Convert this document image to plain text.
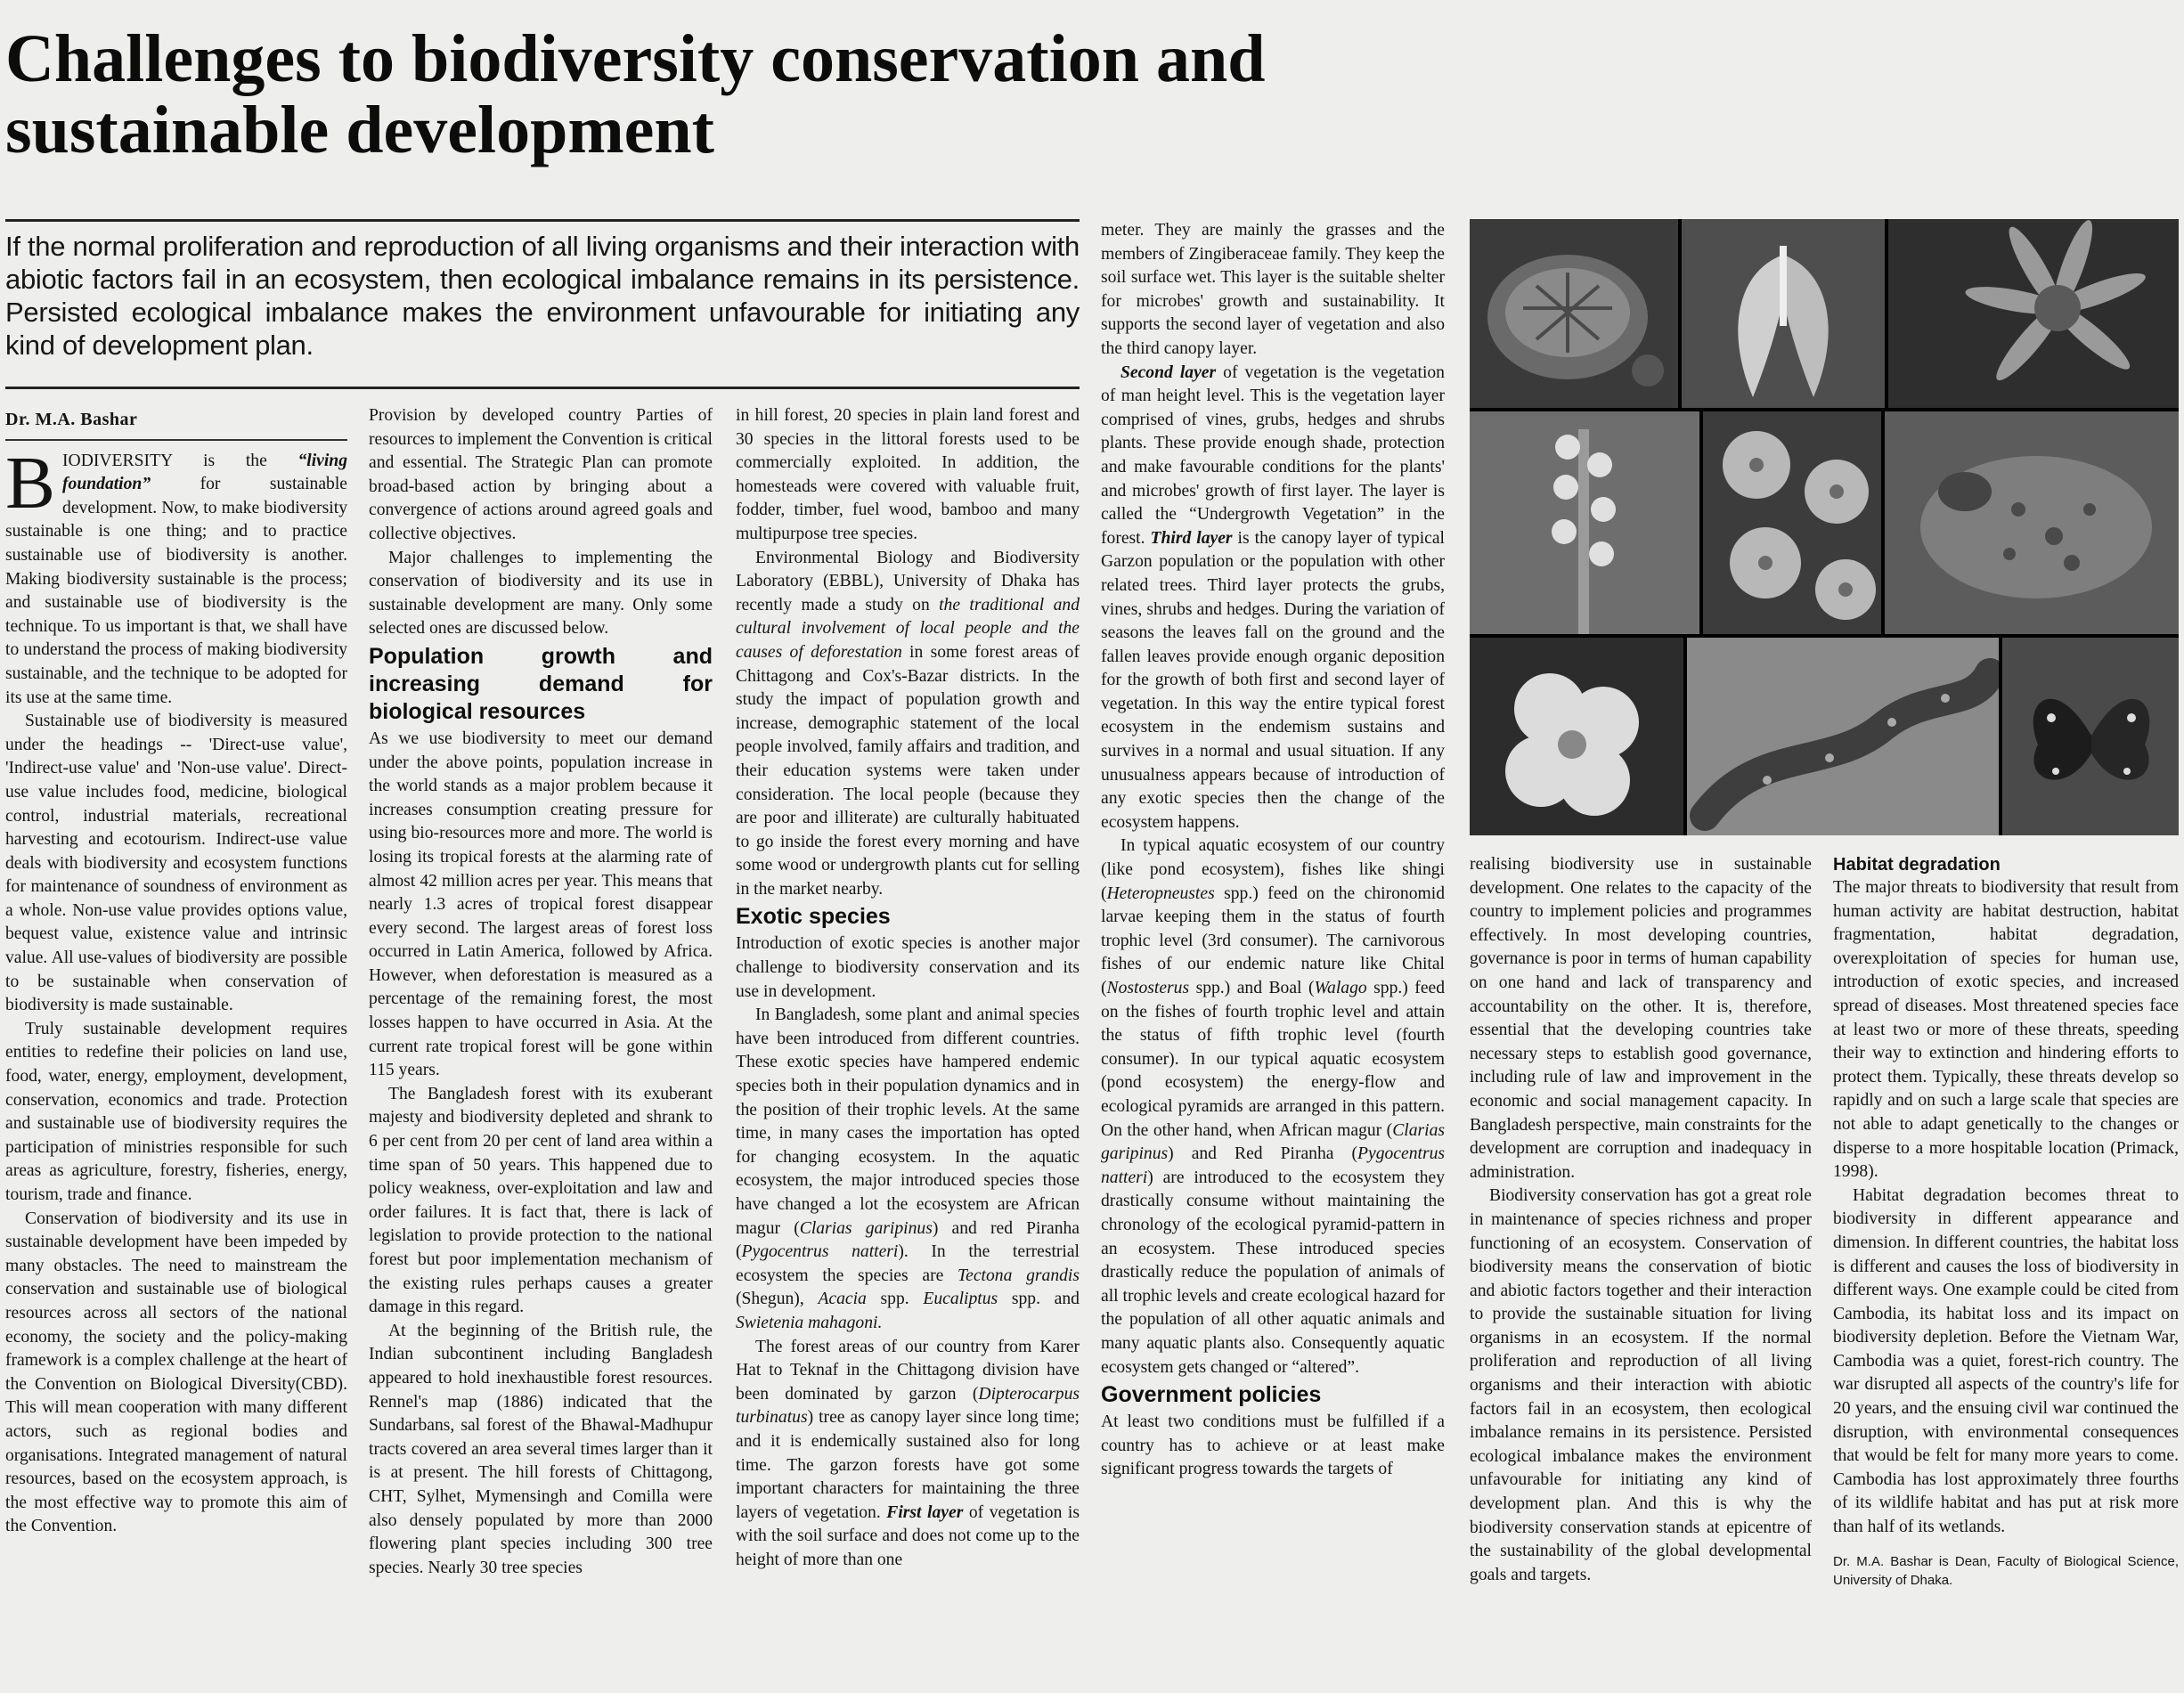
Challenges to biodiversity conservation and sustainable development

If the normal proliferation and reproduction of all living organisms and their interaction with abiotic factors fail in an ecosystem, then ecological imbalance remains in its persistence. Persisted ecological imbalance makes the environment unfavourable for initiating any kind of development plan.

Dr. M.A. Bashar

BIODIVERSITY is the “living foundation” for sustainable development. Now, to make biodiversity sustainable is one thing; and to practice sustainable use of biodiversity is another. Making biodiversity sustainable is the process; and sustainable use of biodiversity is the technique. To us important is that, we shall have to understand the process of making biodiversity sustainable, and the technique to be adopted for its use at the same time.

Sustainable use of biodiversity is measured under the headings -- 'Direct-use value', 'Indirect-use value' and 'Non-use value'. Direct-use value includes food, medicine, biological control, industrial materials, recreational harvesting and ecotourism. Indirect-use value deals with biodiversity and ecosystem functions for maintenance of soundness of environment as a whole. Non-use value provides options value, bequest value, existence value and intrinsic value. All use-values of biodiversity are possible to be sustainable when conservation of biodiversity is made sustainable.

Truly sustainable development requires entities to redefine their policies on land use, food, water, energy, employment, development, conservation, economics and trade. Protection and sustainable use of biodiversity requires the participation of ministries responsible for such areas as agriculture, forestry, fisheries, energy, tourism, trade and finance.

Conservation of biodiversity and its use in sustainable development have been impeded by many obstacles. The need to mainstream the conservation and sustainable use of biological resources across all sectors of the national economy, the society and the policy-making framework is a complex challenge at the heart of the Convention on Biological Diversity(CBD). This will mean cooperation with many different actors, such as regional bodies and organisations. Integrated management of natural resources, based on the ecosystem approach, is the most effective way to promote this aim of the Convention.

Provision by developed country Parties of resources to implement the Convention is critical and essential. The Strategic Plan can promote broad-based action by bringing about a convergence of actions around agreed goals and collective objectives.

Major challenges to implementing the conservation of biodiversity and its use in sustainable development are many. Only some selected ones are discussed below.

Population growth and increasing demand for biological resources

As we use biodiversity to meet our demand under the above points, population increase in the world stands as a major problem because it increases consumption creating pressure for using bio-resources more and more. The world is losing its tropical forests at the alarming rate of almost 42 million acres per year. This means that nearly 1.3 acres of tropical forest disappear every second. The largest areas of forest loss occurred in Latin America, followed by Africa. However, when deforestation is measured as a percentage of the remaining forest, the most losses happen to have occurred in Asia. At the current rate tropical forest will be gone within 115 years.

The Bangladesh forest with its exuberant majesty and biodiversity depleted and shrank to 6 per cent from 20 per cent of land area within a time span of 50 years. This happened due to policy weakness, over-exploitation and law and order failures. It is fact that, there is lack of legislation to provide protection to the national forest but poor implementation mechanism of the existing rules perhaps causes a greater damage in this regard.

At the beginning of the British rule, the Indian subcontinent including Bangladesh appeared to hold inexhaustible forest resources. Rennel's map (1886) indicated that the Sundarbans, sal forest of the Bhawal-Madhupur tracts covered an area several times larger than it is at present. The hill forests of Chittagong, CHT, Sylhet, Mymensingh and Comilla were also densely populated by more than 2000 flowering plant species including 300 tree species. Nearly 30 tree species

in hill forest, 20 species in plain land forest and 30 species in the littoral forests used to be commercially exploited. In addition, the homesteads were covered with valuable fruit, fodder, timber, fuel wood, bamboo and many multipurpose tree species.

Environmental Biology and Biodiversity Laboratory (EBBL), University of Dhaka has recently made a study on the traditional and cultural involvement of local people and the causes of deforestation in some forest areas of Chittagong and Cox's-Bazar districts. In the study the impact of population growth and increase, demographic statement of the local people involved, family affairs and tradition, and their education systems were taken under consideration. The local people (because they are poor and illiterate) are culturally habituated to go inside the forest every morning and have some wood or undergrowth plants cut for selling in the market nearby.

Exotic species

Introduction of exotic species is another major challenge to biodiversity conservation and its use in development.

In Bangladesh, some plant and animal species have been introduced from different countries. These exotic species have hampered endemic species both in their population dynamics and in the position of their trophic levels. At the same time, in many cases the importation has opted for changing ecosystem. In the aquatic ecosystem, the major introduced species those have changed a lot the ecosystem are African magur (Clarias garipinus) and red Piranha (Pygocentrus natteri). In the terrestrial ecosystem the species are Tectona grandis (Shegun), Acacia spp. Eucaliptus spp. and Swietenia mahagoni.

The forest areas of our country from Karer Hat to Teknaf in the Chittagong division have been dominated by garzon (Dipterocarpus turbinatus) tree as canopy layer since long time; and it is endemically sustained also for long time. The garzon forests have got some important characters for maintaining the three layers of vegetation. First layer of vegetation is with the soil surface and does not come up to the height of more than one

meter. They are mainly the grasses and the members of Zingiberaceae family. They keep the soil surface wet. This layer is the suitable shelter for microbes' growth and sustainability. It supports the second layer of vegetation and also the third canopy layer.

Second layer of vegetation is the vegetation of man height level. This is the vegetation layer comprised of vines, grubs, hedges and shrubs plants. These provide enough shade, protection and make favourable conditions for the plants' and microbes' growth of first layer. The layer is called the “Undergrowth Vegetation” in the forest. Third layer is the canopy layer of typical Garzon population or the population with other related trees. Third layer protects the grubs, vines, shrubs and hedges. During the variation of seasons the leaves fall on the ground and the fallen leaves provide enough organic deposition for the growth of both first and second layer of vegetation. In this way the entire typical forest ecosystem in the endemism sustains and survives in a normal and usual situation. If any unusualness appears because of introduction of any exotic species then the change of the ecosystem happens.

In typical aquatic ecosystem of our country (like pond ecosystem), fishes like shingi (Heteropneustes spp.) feed on the chironomid larvae keeping them in the status of fourth trophic level (3rd consumer). The carnivorous fishes of our endemic nature like Chital (Nostosterus spp.) and Boal (Walago spp.) feed on the fishes of fourth trophic level and attain the status of fifth trophic level (fourth consumer). In our typical aquatic ecosystem (pond ecosystem) the energy-flow and ecological pyramids are arranged in this pattern. On the other hand, when African magur (Clarias garipinus) and Red Piranha (Pygocentrus natteri) are introduced to the ecosystem they drastically consume without maintaining the chronology of the ecological pyramid-pattern in an ecosystem. These introduced species drastically reduce the population of animals of all trophic levels and create ecological hazard for the population of all other aquatic animals and many aquatic plants also. Consequently aquatic ecosystem gets changed or “altered”.

Government policies

At least two conditions must be fulfilled if a country has to achieve or at least make significant progress towards the targets of

realising biodiversity use in sustainable development. One relates to the capacity of the country to implement policies and programmes effectively. In most developing countries, governance is poor in terms of human capability on one hand and lack of transparency and accountability on the other. It is, therefore, essential that the developing countries take necessary steps to establish good governance, including rule of law and improvement in the economic and social management capacity. In Bangladesh perspective, main constraints for the development are corruption and inadequacy in administration.

Biodiversity conservation has got a great role in maintenance of species richness and proper functioning of an ecosystem. Conservation of biodiversity means the conservation of biotic and abiotic factors together and their interaction to provide the sustainable situation for living organisms in an ecosystem. If the normal proliferation and reproduction of all living organisms and their interaction with abiotic factors fail in an ecosystem, then ecological imbalance remains in its persistence. Persisted ecological imbalance makes the environment unfavourable for initiating any kind of development plan. And this is why the biodiversity conservation stands at epicentre of the sustainability of the global developmental goals and targets.

Habitat degradation

The major threats to biodiversity that result from human activity are habitat destruction, habitat fragmentation, habitat degradation, overexploitation of species for human use, introduction of exotic species, and increased spread of diseases. Most threatened species face at least two or more of these threats, speeding their way to extinction and hindering efforts to protect them. Typically, these threats develop so rapidly and on such a large scale that species are not able to adapt genetically to the changes or disperse to a more hospitable location (Primack, 1998).

Habitat degradation becomes threat to biodiversity in different appearance and dimension. In different countries, the habitat loss is different and causes the loss of biodiversity in different ways. One example could be cited from Cambodia, its habitat loss and its impact on biodiversity depletion. Before the Vietnam War, Cambodia was a quiet, forest-rich country. The war disrupted all aspects of the country's life for 20 years, and the ensuing civil war continued the disruption, with environmental consequences that would be felt for many more years to come. Cambodia has lost approximately three fourths of its wildlife habitat and has put at risk more than half of its wetlands.

Dr. M.A. Bashar is Dean, Faculty of Biological Science, University of Dhaka.
